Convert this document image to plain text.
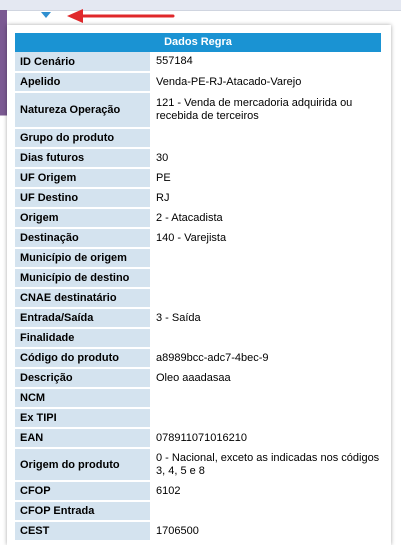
Dados Regra
ID Cenário	557184
Apelido	Venda-PE-RJ-Atacado-Varejo
Natureza Operação	121 - Venda de mercadoria adquirida ou recebida de terceiros
Grupo do produto	
Dias futuros	30
UF Origem	PE
UF Destino	RJ
Origem	2 - Atacadista
Destinação	140 - Varejista
Município de origem	
Município de destino	
CNAE destinatário	
Entrada/Saída	3 - Saída
Finalidade	
Código do produto	a8989bcc-adc7-4bec-9
Descrição	Oleo aaadasaa
NCM	
Ex TIPI	
EAN	078911071016210
Origem do produto	0 - Nacional, exceto as indicadas nos códigos 3, 4, 5 e 8
CFOP	6102
CFOP Entrada	
CEST	1706500
